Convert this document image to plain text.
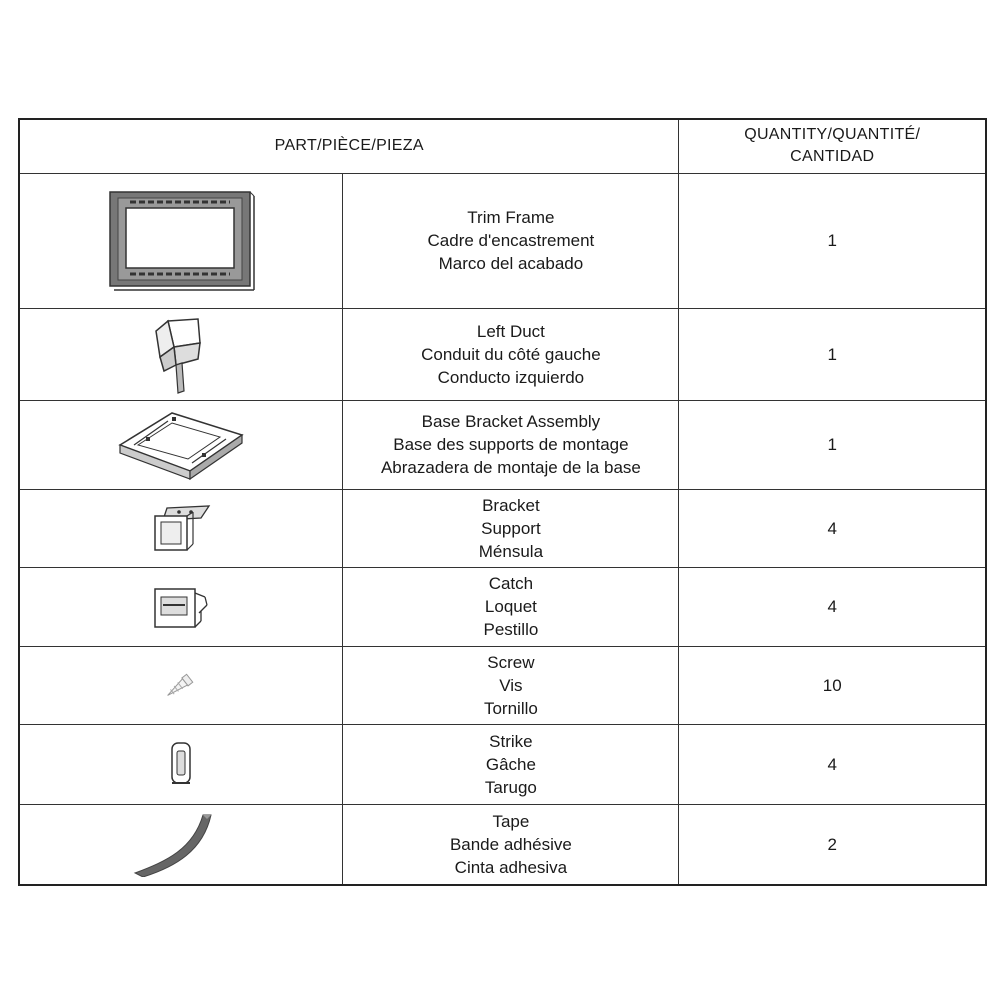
PART/PIÈCE/PIEZA		QUANTITY/QUANTITÉ/
CANTIDAD

Trim Frame
Cadre d'encastrement
Marco del acabado	1

Left Duct
Conduit du côté gauche
Conducto izquierdo	1

Base Bracket Assembly
Base des supports de montage
Abrazadera de montaje de la base	1

Bracket
Support
Ménsula	4

Catch
Loquet
Pestillo	4

Screw
Vis
Tornillo	10

Strike
Gâche
Tarugo	4

Tape
Bande adhésive
Cinta adhesiva	2
